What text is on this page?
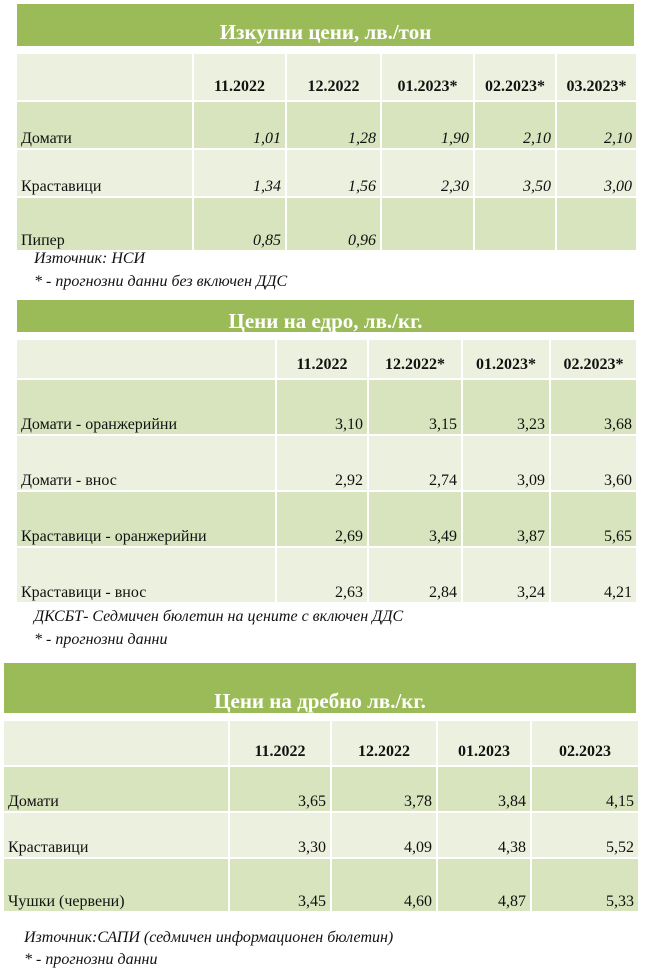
Изкупни цени, лв./тон
	11.2022	12.2022	01.2023*	02.2023*	03.2023*
Домати	1,01	1,28	1,90	2,10	2,10
Краставици	1,34	1,56	2,30	3,50	3,00
Пипер	0,85	0,96			
Източник: НСИ
* - прогнозни данни без включен ДДС
Цени на едро, лв./кг.
	11.2022	12.2022*	01.2023*	02.2023*
Домати - оранжерийни	3,10	3,15	3,23	3,68
Домати - внос	2,92	2,74	3,09	3,60
Краставици - оранжерийни	2,69	3,49	3,87	5,65
Краставици - внос	2,63	2,84	3,24	4,21
ДКСБТ- Седмичен бюлетин на цените с включен ДДС
* - прогнозни данни
Цени на дребно лв./кг.
	11.2022	12.2022	01.2023	02.2023
Домати	3,65	3,78	3,84	4,15
Краставици	3,30	4,09	4,38	5,52
Чушки (червени)	3,45	4,60	4,87	5,33
Източник:САПИ (седмичен информационен бюлетин)
* - прогнозни данни
